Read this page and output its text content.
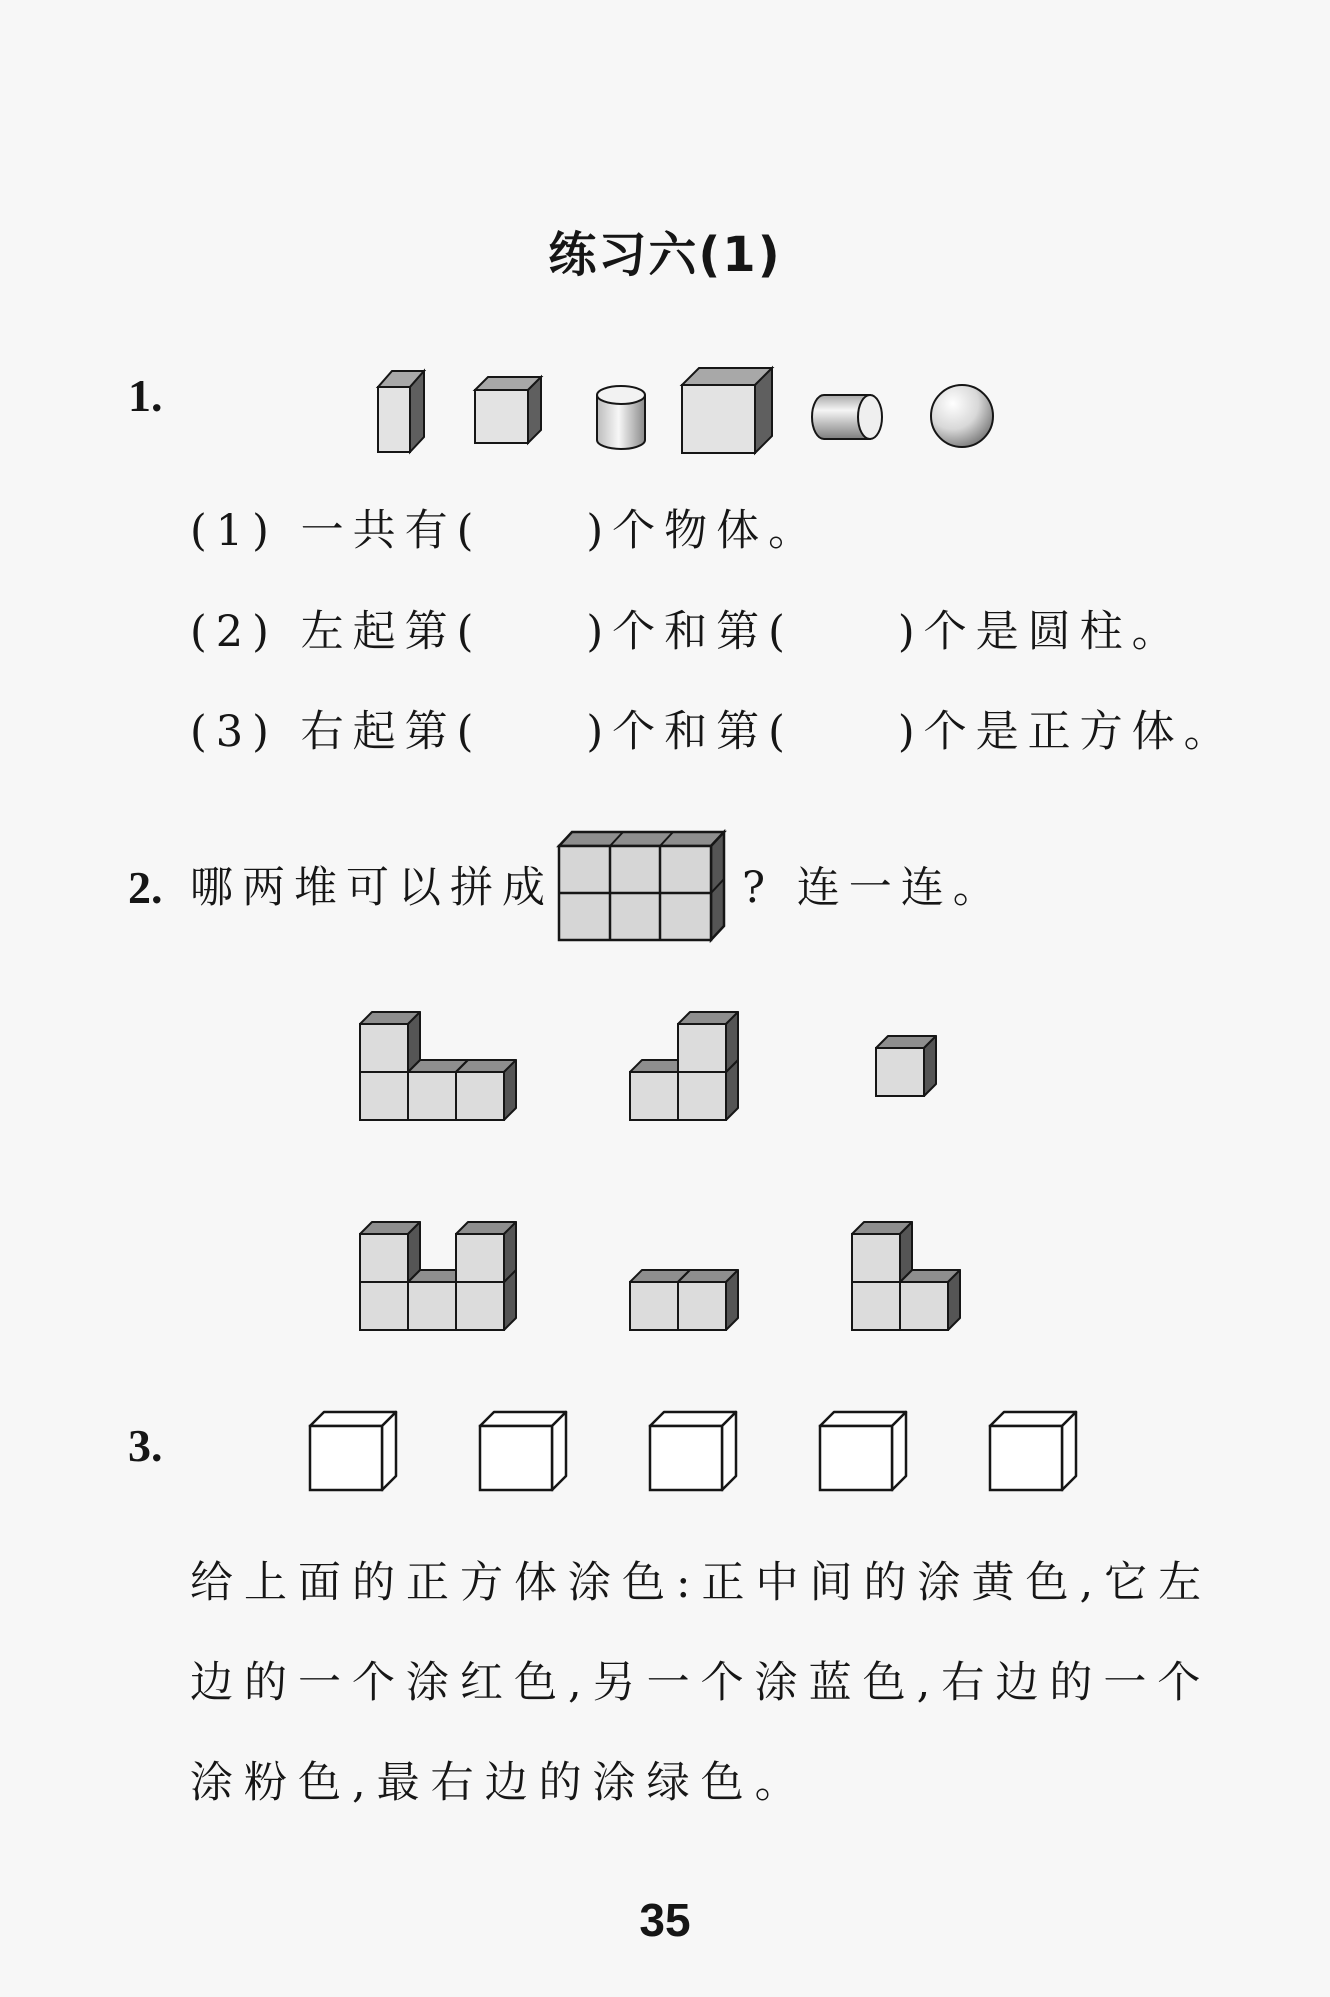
练习六(1)
1.
(1) 一共有(　　)个物体。
(2) 左起第(　　)个和第(　　)个是圆柱。
(3) 右起第(　　)个和第(　　)个是正方体。
2. 哪两堆可以拼成	? 连一连。
3.
给上面的正方体涂色:正中间的涂黄色,它左
边的一个涂红色,另一个涂蓝色,右边的一个
涂粉色,最右边的涂绿色。
35
